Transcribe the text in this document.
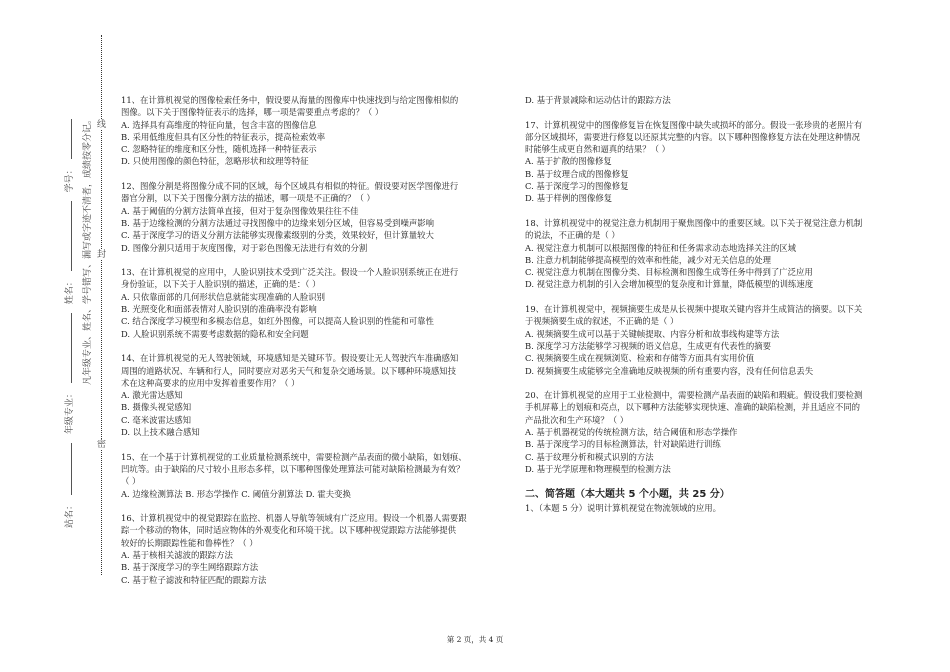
站名： 年级专业： 姓名： 学号： 凡年级专业、姓名、学号错写、漏写或字迹不清者，成绩按零分记。
密
封
线
11、在计算机视觉的图像检索任务中，假设要从海量的图像库中快速找到与给定图像相似的
图像。以下关于图像特征表示的选择，哪一项是需要重点考虑的？（ ）
A. 选择具有高维度的特征向量，包含丰富的图像信息
B. 采用低维度但具有区分性的特征表示，提高检索效率
C. 忽略特征的维度和区分性，随机选择一种特征表示
D. 只使用图像的颜色特征，忽略形状和纹理等特征
12、图像分割是将图像分成不同的区域，每个区域具有相似的特征。假设要对医学图像进行
器官分割，以下关于图像分割方法的描述，哪一项是不正确的？（ ）
A. 基于阈值的分割方法简单直接，但对于复杂图像效果往往不佳
B. 基于边缘检测的分割方法通过寻找图像中的边缘来划分区域，但容易受到噪声影响
C. 基于深度学习的语义分割方法能够实现像素级别的分类，效果较好，但计算量较大
D. 图像分割只适用于灰度图像，对于彩色图像无法进行有效的分割
13、在计算机视觉的应用中，人脸识别技术受到广泛关注。假设一个人脸识别系统正在进行
身份验证，以下关于人脸识别的描述，正确的是：（ ）
A. 只依靠面部的几何形状信息就能实现准确的人脸识别
B. 光照变化和面部表情对人脸识别的准确率没有影响
C. 结合深度学习模型和多模态信息，如红外图像，可以提高人脸识别的性能和可靠性
D. 人脸识别系统不需要考虑数据的隐私和安全问题
14、在计算机视觉的无人驾驶领域，环境感知是关键环节。假设要让无人驾驶汽车准确感知
周围的道路状况、车辆和行人，同时要应对恶劣天气和复杂交通场景。以下哪种环境感知技
术在这种高要求的应用中发挥着重要作用？（ ）
A. 激光雷达感知
B. 摄像头视觉感知
C. 毫米波雷达感知
D. 以上技术融合感知
15、在一个基于计算机视觉的工业质量检测系统中，需要检测产品表面的微小缺陷，如划痕、
凹坑等。由于缺陷的尺寸较小且形态多样，以下哪种图像处理算法可能对缺陷检测最为有效？
（ ）
A. 边缘检测算法 B. 形态学操作 C. 阈值分割算法 D. 霍夫变换
16、计算机视觉中的视觉跟踪在监控、机器人导航等领域有广泛应用。假设一个机器人需要跟
踪一个移动的物体，同时适应物体的外观变化和环境干扰。以下哪种视觉跟踪方法能够提供
较好的长期跟踪性能和鲁棒性？（ ）
A. 基于核相关滤波的跟踪方法
B. 基于深度学习的孪生网络跟踪方法
C. 基于粒子滤波和特征匹配的跟踪方法
D. 基于背景减除和运动估计的跟踪方法
17、计算机视觉中的图像修复旨在恢复图像中缺失或损坏的部分。假设一张珍贵的老照片有
部分区域损坏，需要进行修复以还原其完整的内容。以下哪种图像修复方法在处理这种情况
时能够生成更自然和逼真的结果？（ ）
A. 基于扩散的图像修复
B. 基于纹理合成的图像修复
C. 基于深度学习的图像修复
D. 基于样例的图像修复
18、计算机视觉中的视觉注意力机制用于聚焦图像中的重要区域。以下关于视觉注意力机制
的说法，不正确的是（ ）
A. 视觉注意力机制可以根据图像的特征和任务需求动态地选择关注的区域
B. 注意力机制能够提高模型的效率和性能，减少对无关信息的处理
C. 视觉注意力机制在图像分类、目标检测和图像生成等任务中得到了广泛应用
D. 视觉注意力机制的引入会增加模型的复杂度和计算量，降低模型的训练速度
19、在计算机视觉中，视频摘要生成是从长视频中提取关键内容并生成简洁的摘要。以下关
于视频摘要生成的叙述，不正确的是（ ）
A. 视频摘要生成可以基于关键帧提取、内容分析和故事线构建等方法
B. 深度学习方法能够学习视频的语义信息，生成更有代表性的摘要
C. 视频摘要生成在视频浏览、检索和存储等方面具有实用价值
D. 视频摘要生成能够完全准确地反映视频的所有重要内容，没有任何信息丢失
20、在计算机视觉的应用于工业检测中，需要检测产品表面的缺陷和瑕疵。假设我们要检测
手机屏幕上的划痕和亮点，以下哪种方法能够实现快速、准确的缺陷检测，并且适应不同的
产品批次和生产环境？（ ）
A. 基于机器视觉的传统检测方法，结合阈值和形态学操作
B. 基于深度学习的目标检测算法，针对缺陷进行训练
C. 基于纹理分析和模式识别的方法
D. 基于光学原理和物理模型的检测方法
二、简答题（本大题共 5 个小题，共 25 分）
1、（本题 5 分）说明计算机视觉在物流领域的应用。
第 2 页，共 4 页
